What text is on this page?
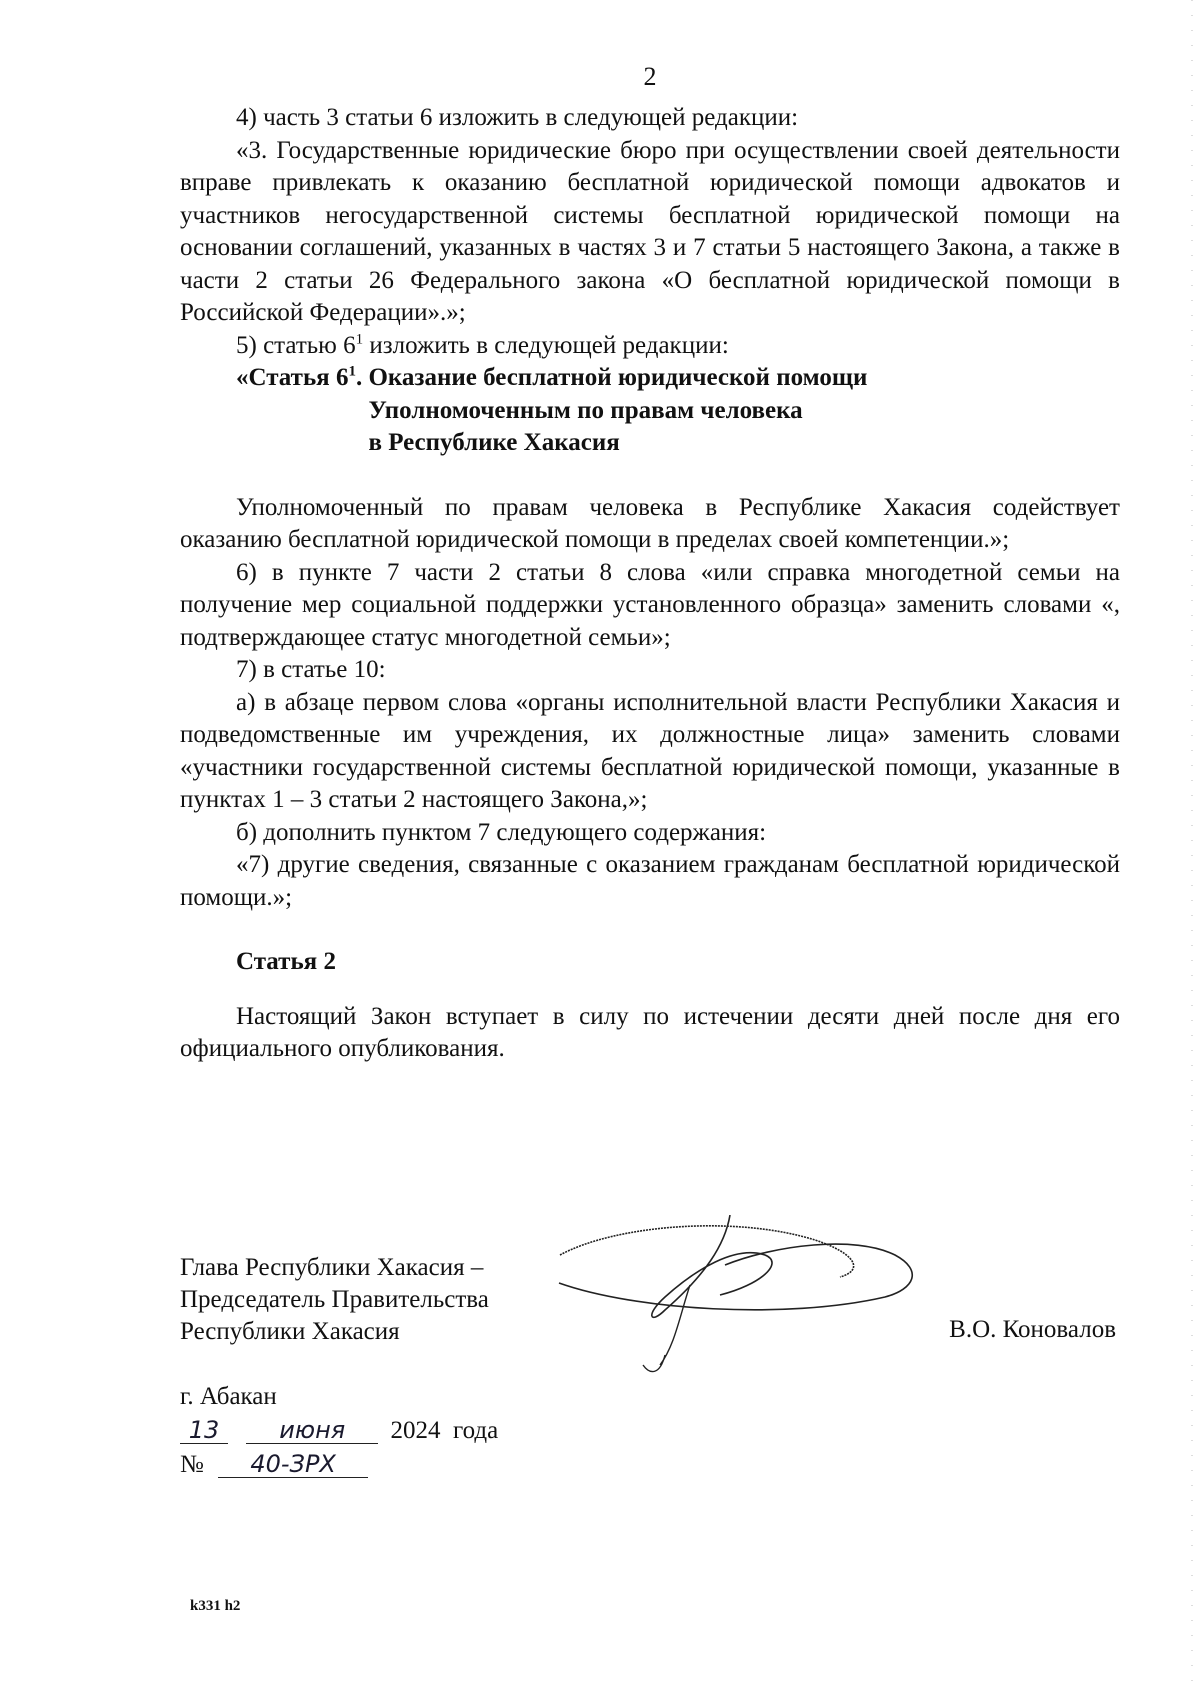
2

4) часть 3 статьи 6 изложить в следующей редакции:

«3. Государственные юридические бюро при осуществлении своей деятельности вправе привлекать к оказанию бесплатной юридической помощи адвокатов и участников негосударственной системы бесплатной юридической помощи на основании соглашений, указанных в частях 3 и 7 статьи 5 настоящего Закона, а также в части 2 статьи 26 Федерального закона «О бесплатной юридической помощи в Российской Федерации».»;

5) статью $6^1$ изложить в следующей редакции:

«Статья $6^1$. Оказание бесплатной юридической помощи
Уполномоченным по правам человека
в Республике Хакасия

Уполномоченный по правам человека в Республике Хакасия содействует оказанию бесплатной юридической помощи в пределах своей компетенции.»;

6) в пункте 7 части 2 статьи 8 слова «или справка многодетной семьи на получение мер социальной поддержки установленного образца» заменить словами «, подтверждающее статус многодетной семьи»;

7) в статье 10:

а) в абзаце первом слова «органы исполнительной власти Республики Хакасия и подведомственные им учреждения, их должностные лица» заменить словами «участники государственной системы бесплатной юридической помощи, указанные в пунктах 1 – 3 статьи 2 настоящего Закона,»;

б) дополнить пунктом 7 следующего содержания:

«7) другие сведения, связанные с оказанием гражданам бесплатной юридической помощи.»;

Статья 2

Настоящий Закон вступает в силу по истечении десяти дней после дня его официального опубликования.

Глава Республики Хакасия –
Председатель Правительства
Республики Хакасия	В.О. Коновалов
г. Абакан
13	июня 2024  года
№ 40-ЗРХ
k331 h2
